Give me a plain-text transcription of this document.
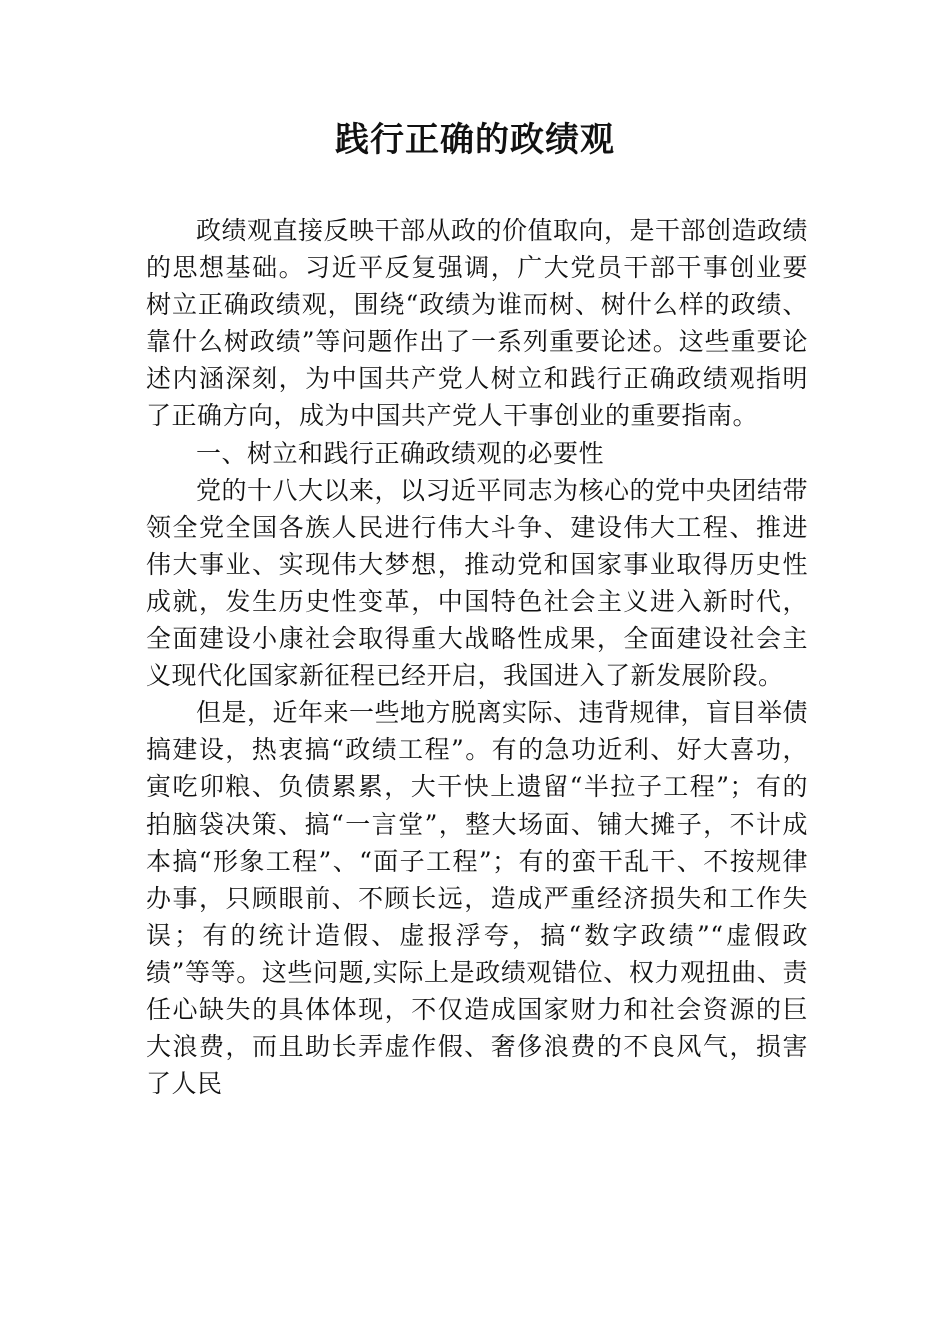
践行正确的政绩观

政绩观直接反映干部从政的价值取向，是干部创造政绩的思想基础。习近平反复强调，广大党员干部干事创业要树立正确政绩观，围绕“政绩为谁而树、树什么样的政绩、靠什么树政绩”等问题作出了一系列重要论述。这些重要论述内涵深刻，为中国共产党人树立和践行正确政绩观指明了正确方向，成为中国共产党人干事创业的重要指南。

一、树立和践行正确政绩观的必要性

党的十八大以来，以习近平同志为核心的党中央团结带领全党全国各族人民进行伟大斗争、建设伟大工程、推进伟大事业、实现伟大梦想，推动党和国家事业取得历史性成就，发生历史性变革，中国特色社会主义进入新时代，全面建设小康社会取得重大战略性成果，全面建设社会主义现代化国家新征程已经开启，我国进入了新发展阶段。

但是，近年来一些地方脱离实际、违背规律，盲目举债搞建设，热衷搞“政绩工程”。有的急功近利、好大喜功，寅吃卯粮、负债累累，大干快上遗留“半拉子工程”；有的拍脑袋决策、搞“一言堂”，整大场面、铺大摊子，不计成本搞“形象工程”、“面子工程”；有的蛮干乱干、不按规律办事，只顾眼前、不顾长远，造成严重经济损失和工作失误；有的统计造假、虚报浮夸，搞“数字政绩”“虚假政绩”等等。这些问题,实际上是政绩观错位、权力观扭曲、责任心缺失的具体体现，不仅造成国家财力和社会资源的巨大浪费，而且助长弄虚作假、奢侈浪费的不良风气，损害了人民
